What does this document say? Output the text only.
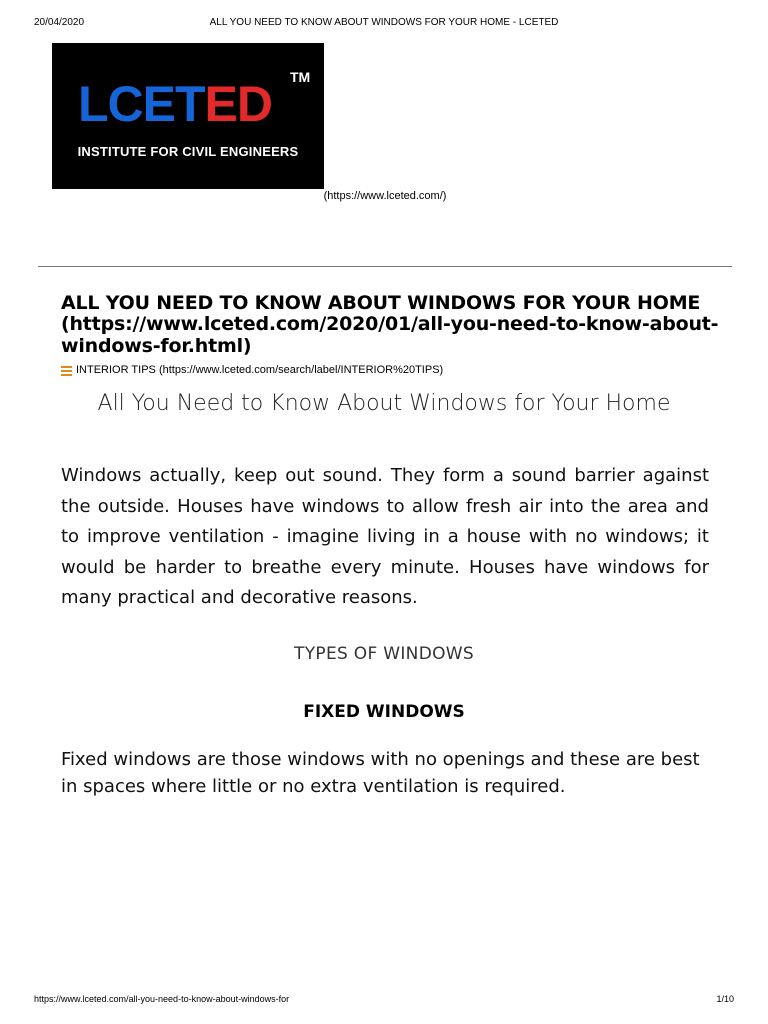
20/04/2020	ALL YOU NEED TO KNOW ABOUT WINDOWS FOR YOUR HOME - LCETED
LCETED TM
INSTITUTE FOR CIVIL ENGINEERS
(https://www.lceted.com/)
ALL YOU NEED TO KNOW ABOUT WINDOWS FOR YOUR HOME
(https://www.lceted.com/2020/01/all-you-need-to-know-about-
windows-for.html)
INTERIOR TIPS (https://www.lceted.com/search/label/INTERIOR%20TIPS)
All You Need to Know About Windows for Your Home

Windows actually, keep out sound. They form a sound barrier against the outside. Houses have windows to allow fresh air into the area and to improve ventilation - imagine living in a house with no windows; it would be harder to breathe every minute. Houses have windows for many practical and decorative reasons.

TYPES OF WINDOWS
FIXED WINDOWS

Fixed windows are those windows with no openings and these are best in spaces where little or no extra ventilation is required.

https://www.lceted.com/all-you-need-to-know-about-windows-for	1/10
